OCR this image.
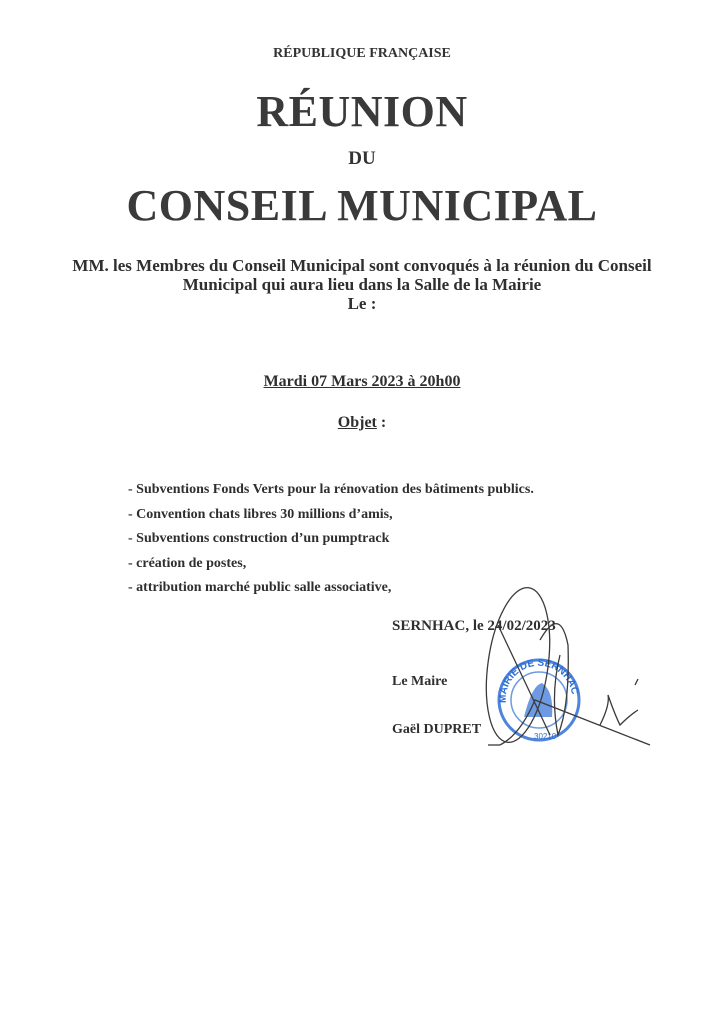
RÉPUBLIQUE FRANÇAISE
RÉUNION
DU
CONSEIL MUNICIPAL
MM. les Membres du Conseil Municipal sont convoqués à la réunion du Conseil
Municipal qui aura lieu dans la Salle de la Mairie
Le :
Mardi 07 Mars 2023 à 20h00
Objet :
- Subventions Fonds Verts pour la rénovation des bâtiments publics.
- Convention chats libres 30 millions d’amis,
- Subventions construction d’un pumptrack
- création de postes,
- attribution marché public salle associative,
SERNHAC, le 24/02/2023
Le Maire
Gaël DUPRET
MAIRIE DE SERNHAC
30210
